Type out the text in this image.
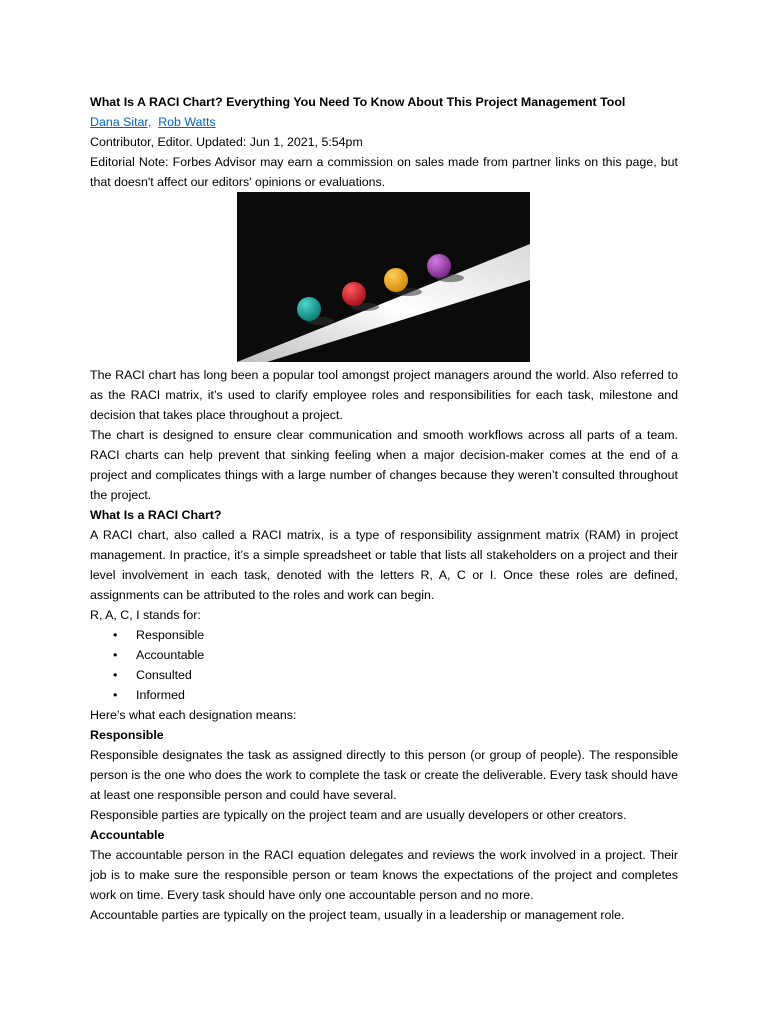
What Is A RACI Chart? Everything You Need To Know About This Project Management Tool

Dana Sitar, Rob Watts

Contributor, Editor. Updated: Jun 1, 2021, 5:54pm

Editorial Note: Forbes Advisor may earn a commission on sales made from partner links on this page, but that doesn't affect our editors' opinions or evaluations.

The RACI chart has long been a popular tool amongst project managers around the world. Also referred to as the RACI matrix, it’s used to clarify employee roles and responsibilities for each task, milestone and decision that takes place throughout a project.

The chart is designed to ensure clear communication and smooth workflows across all parts of a team. RACI charts can help prevent that sinking feeling when a major decision-maker comes at the end of a project and complicates things with a large number of changes because they weren’t consulted throughout the project.

What Is a RACI Chart?

A RACI chart, also called a RACI matrix, is a type of responsibility assignment matrix (RAM) in project management. In practice, it’s a simple spreadsheet or table that lists all stakeholders on a project and their level involvement in each task, denoted with the letters R, A, C or I. Once these roles are defined, assignments can be attributed to the roles and work can begin.

R, A, C, I stands for:

• Responsible
• Accountable
• Consulted
• Informed

Here’s what each designation means:

Responsible

Responsible designates the task as assigned directly to this person (or group of people). The responsible person is the one who does the work to complete the task or create the deliverable. Every task should have at least one responsible person and could have several.

Responsible parties are typically on the project team and are usually developers or other creators.

Accountable

The accountable person in the RACI equation delegates and reviews the work involved in a project. Their job is to make sure the responsible person or team knows the expectations of the project and completes work on time. Every task should have only one accountable person and no more.

Accountable parties are typically on the project team, usually in a leadership or management role.
